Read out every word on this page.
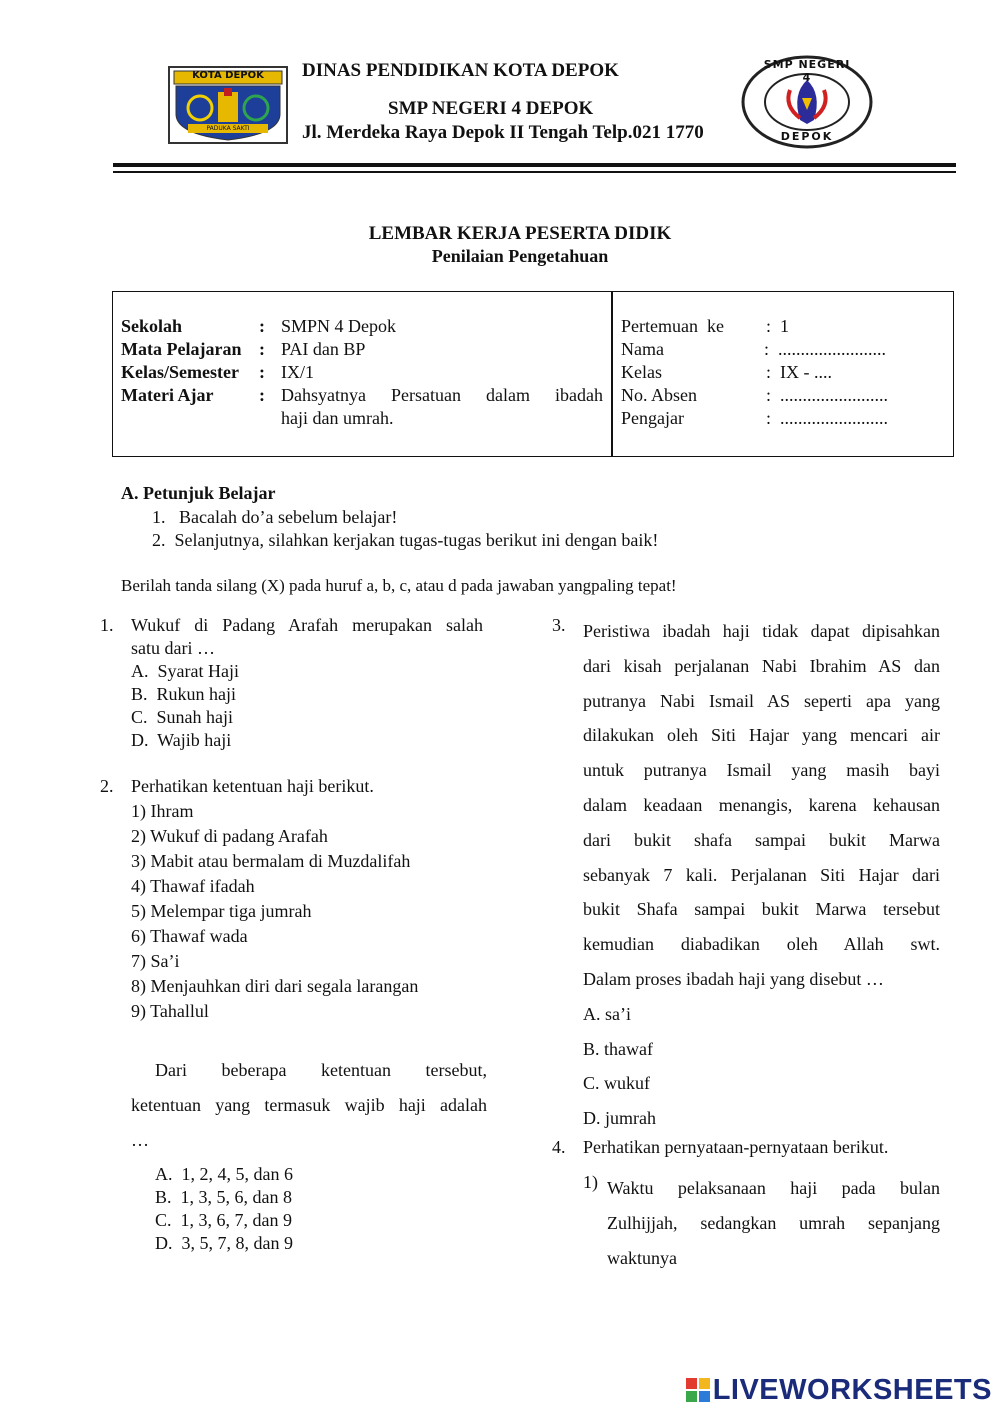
KOTA DEPOK
PADUKA SAKTI
DINAS PENDIDIKAN KOTA DEPOK
SMP NEGERI 4 DEPOK
Jl. Merdeka Raya Depok II Tengah Telp.021 1770
SMP NEGERI 4
DEPOK
LEMBAR KERJA PESERTA DIDIK
Penilaian Pengetahuan
Sekolah	: SMPN 4 Depok
Mata Pelajaran : PAI dan BP
Kelas/Semester : IX/1
Materi Ajar	: Dahsyatnya  Persatuan  dalam  ibadah
haji dan umrah.
Pertemuan  ke :  1
Nama	:  ........................
Kelas	:  IX - ....
No. Absen	:  ........................
Pengajar	:  ........................
A. Petunjuk Belajar
1.   Bacalah do’a sebelum belajar!
2.  Selanjutnya, silahkan kerjakan tugas-tugas berikut ini dengan baik!
Berilah tanda silang (X) pada huruf a, b, c, atau d pada jawaban yangpaling tepat!
1. Wukuf di Padang Arafah merupakan salah
satu dari …
A.  Syarat Haji
B.  Rukun haji
C.  Sunah haji
D.  Wajib haji
2. Perhatikan ketentuan haji berikut.
1) Ihram
2) Wukuf di padang Arafah
3) Mabit atau bermalam di Muzdalifah
4) Thawaf ifadah
5) Melempar tiga jumrah
6) Thawaf wada
7) Sa’i
8) Menjauhkan diri dari segala larangan
9) Tahallul
Dari    beberapa    ketentuan    tersebut,
ketentuan yang termasuk wajib haji adalah
…
A.  1, 2, 4, 5, dan 6
B.  1, 3, 5, 6, dan 8
C.  1, 3, 6, 7, dan 9
D.  3, 5, 7, 8, dan 9
3. Peristiwa ibadah haji tidak dapat dipisahkan
dari kisah perjalanan Nabi Ibrahim AS dan
putranya Nabi Ismail AS seperti apa yang
dilakukan oleh Siti Hajar yang mencari air
untuk putranya Ismail yang masih bayi
dalam keadaan menangis, karena kehausan
dari bukit shafa sampai bukit Marwa
sebanyak 7 kali. Perjalanan Siti Hajar dari
bukit Shafa sampai bukit Marwa tersebut
kemudian diabadikan oleh Allah swt.
Dalam proses ibadah haji yang disebut …
A. sa’i
B. thawaf
C. wukuf
D. jumrah
4. Perhatikan pernyataan-pernyataan berikut.
1) Waktu pelaksanaan haji pada bulan
Zulhijjah, sedangkan umrah sepanjang
waktunya
LIVEWORKSHEETS
